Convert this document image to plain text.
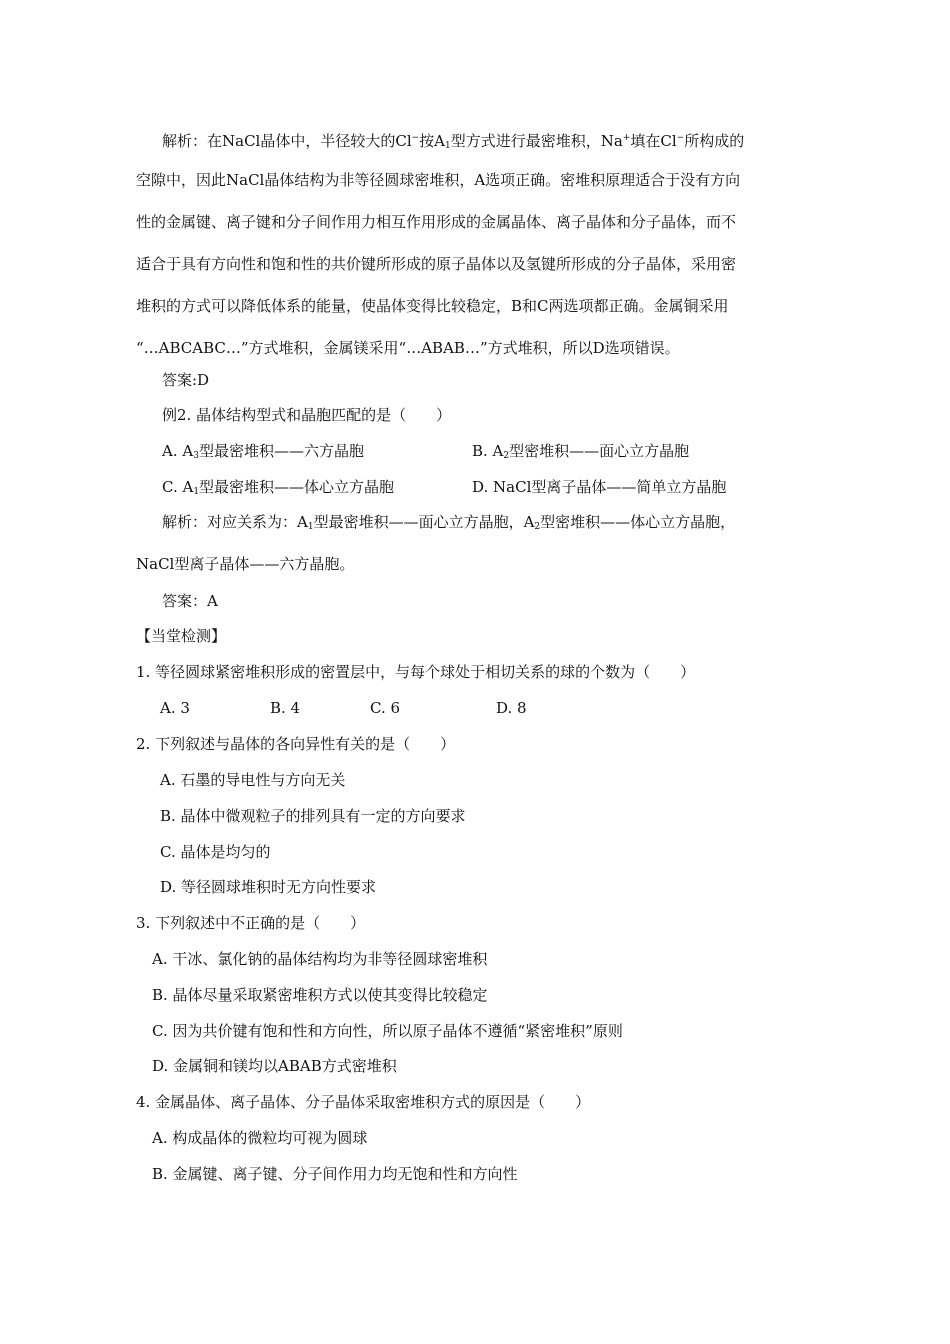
解析：在NaCl晶体中，半径较大的Cl−按$A_1$型方式进行最密堆积，Na+填在Cl−所构成的
空隙中，因此NaCl晶体结构为非等径圆球密堆积，A选项正确。密堆积原理适合于没有方向
性的金属键、离子键和分子间作用力相互作用形成的金属晶体、离子晶体和分子晶体，而不
适合于具有方向性和饱和性的共价键所形成的原子晶体以及氢键所形成的分子晶体，采用密
堆积的方式可以降低体系的能量，使晶体变得比较稳定，B和C两选项都正确。金属铜采用
“…ABCABC…”方式堆积，金属镁采用“…ABAB…”方式堆积，所以D选项错误。
答案:D
例2. 晶体结构型式和晶胞匹配的是（　　）
A. $A_3$型最密堆积——六方晶胞	B. $A_2$型密堆积——面心立方晶胞
C. $A_1$型最密堆积——体心立方晶胞	D. NaCl型离子晶体——简单立方晶胞
解析：对应关系为：$A_1$型最密堆积——面心立方晶胞，$A_2$型密堆积——体心立方晶胞，
NaCl型离子晶体——六方晶胞。
答案：A
【当堂检测】
1. 等径圆球紧密堆积形成的密置层中，与每个球处于相切关系的球的个数为（　　）
A. 3	B. 4	C. 6	D. 8
2. 下列叙述与晶体的各向异性有关的是（　　）
A. 石墨的导电性与方向无关
B. 晶体中微观粒子的排列具有一定的方向要求
C. 晶体是均匀的
D. 等径圆球堆积时无方向性要求
3. 下列叙述中不正确的是（　　）
A. 干冰、氯化钠的晶体结构均为非等径圆球密堆积
B. 晶体尽量采取紧密堆积方式以使其变得比较稳定
C. 因为共价键有饱和性和方向性，所以原子晶体不遵循“紧密堆积”原则
D. 金属铜和镁均以ABAB方式密堆积
4. 金属晶体、离子晶体、分子晶体采取密堆积方式的原因是（　　）
A. 构成晶体的微粒均可视为圆球
B. 金属键、离子键、分子间作用力均无饱和性和方向性
